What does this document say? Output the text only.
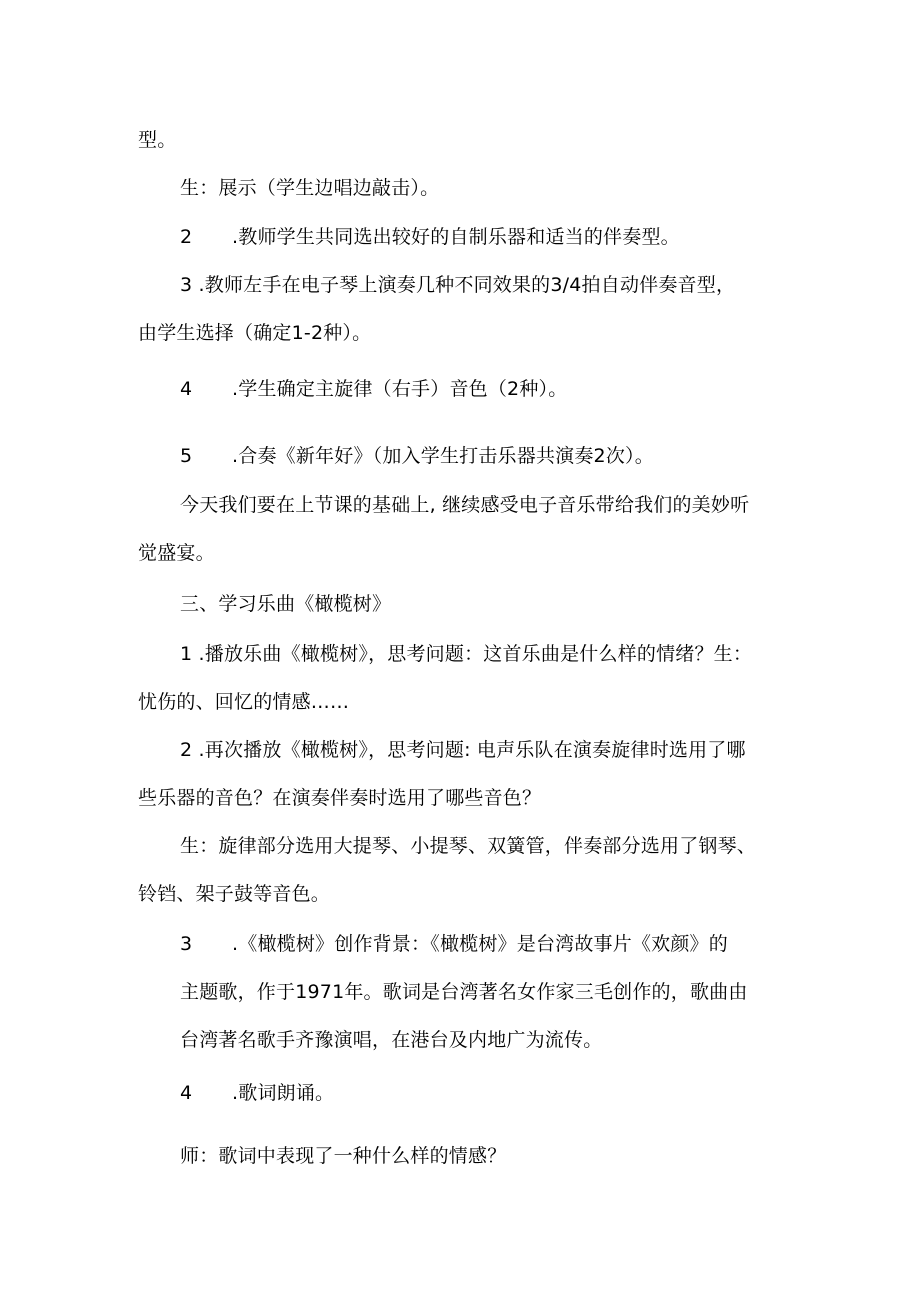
型。
生：展示（学生边唱边敲击）。
2 .教师学生共同选出较好的自制乐器和适当的伴奏型。
3 .教师左手在电子琴上演奏几种不同效果的3/4拍自动伴奏音型，
由学生选择（确定1-2种）。
4 .学生确定主旋律（右手）音色（2种）。
5 .合奏《新年好》（加入学生打击乐器共演奏2次）。
今天我们要在上节课的基础上, 继续感受电子音乐带给我们的美妙听
觉盛宴。
三、学习乐曲《橄榄树》
1 .播放乐曲《橄榄树》，思考问题：这首乐曲是什么样的情绪？生：
忧伤的、回忆的情感……
2 .再次播放《橄榄树》，思考问题: 电声乐队在演奏旋律时选用了哪
些乐器的音色？在演奏伴奏时选用了哪些音色？
生：旋律部分选用大提琴、小提琴、双簧管，伴奏部分选用了钢琴、
铃铛、架子鼓等音色。
3 .《橄榄树》创作背景：《橄榄树》是台湾故事片《欢颜》的
主题歌，作于1971年。歌词是台湾著名女作家三毛创作的，歌曲由
台湾著名歌手齐豫演唱，在港台及内地广为流传。
4 .歌词朗诵。
师：歌词中表现了一种什么样的情感？
